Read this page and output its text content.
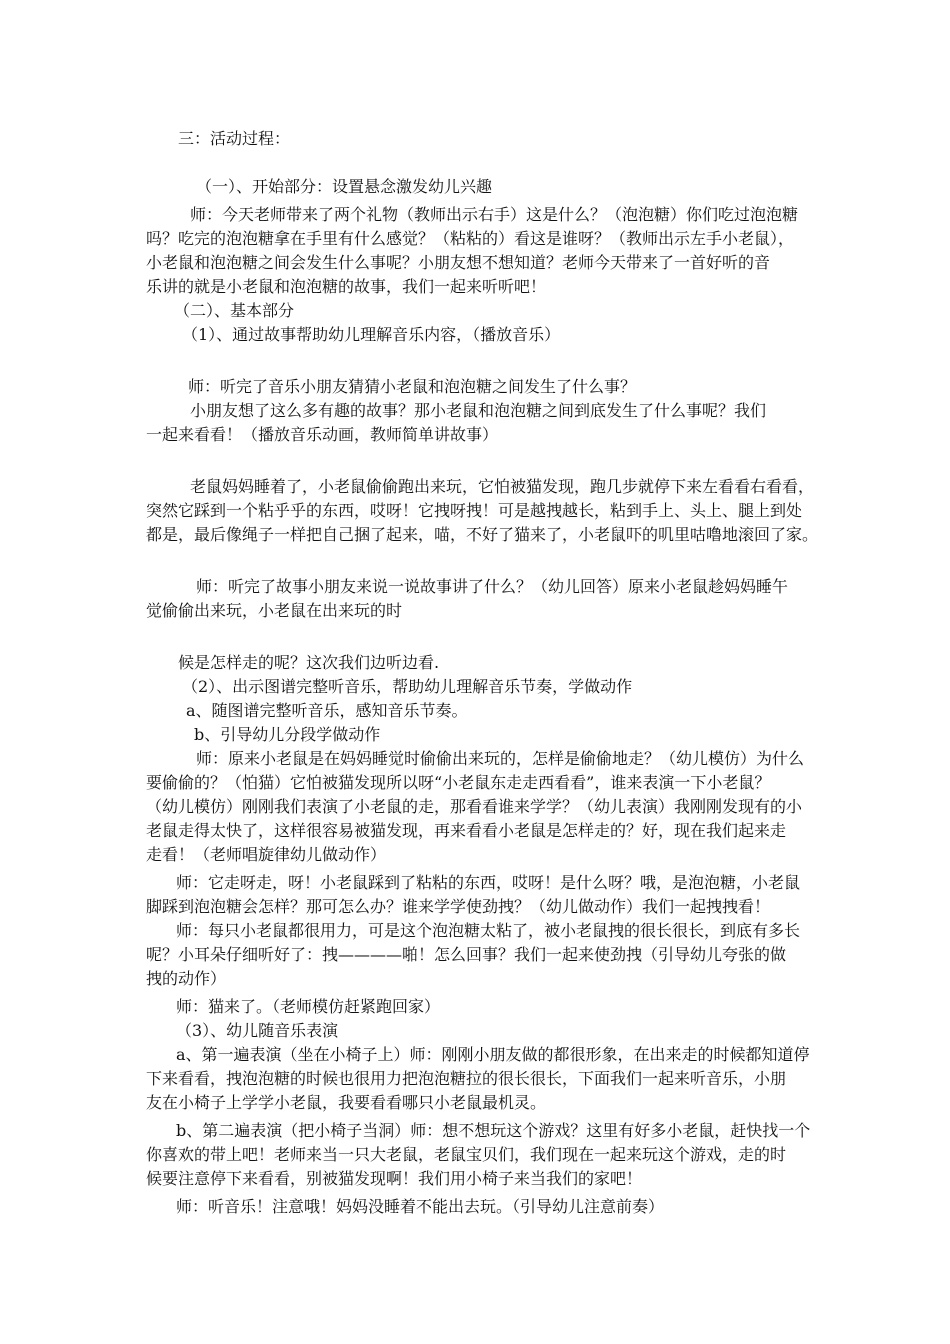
三：活动过程：
（一）、开始部分：设置悬念激发幼儿兴趣
师：今天老师带来了两个礼物（教师出示右手）这是什么？（泡泡糖）你们吃过泡泡糖
吗？吃完的泡泡糖拿在手里有什么感觉？（粘粘的）看这是谁呀？（教师出示左手小老鼠），
小老鼠和泡泡糖之间会发生什么事呢？小朋友想不想知道？老师今天带来了一首好听的音
乐讲的就是小老鼠和泡泡糖的故事，我们一起来听听吧！
（二）、基本部分
（1）、通过故事帮助幼儿理解音乐内容，（播放音乐）
师：听完了音乐小朋友猜猜小老鼠和泡泡糖之间发生了什么事？
小朋友想了这么多有趣的故事？那小老鼠和泡泡糖之间到底发生了什么事呢？我们
一起来看看！（播放音乐动画，教师简单讲故事）
老鼠妈妈睡着了，小老鼠偷偷跑出来玩，它怕被猫发现，跑几步就停下来左看看右看看，
突然它踩到一个粘乎乎的东西，哎呀！它拽呀拽！可是越拽越长，粘到手上、头上、腿上到处
都是，最后像绳子一样把自己捆了起来，喵，不好了猫来了，小老鼠吓的叽里咕噜地滚回了家。
师：听完了故事小朋友来说一说故事讲了什么？（幼儿回答）原来小老鼠趁妈妈睡午
觉偷偷出来玩，小老鼠在出来玩的时
候是怎样走的呢？这次我们边听边看.
（2）、出示图谱完整听音乐，帮助幼儿理解音乐节奏，学做动作
a、随图谱完整听音乐，感知音乐节奏。
b、引导幼儿分段学做动作
师：原来小老鼠是在妈妈睡觉时偷偷出来玩的，怎样是偷偷地走？（幼儿模仿）为什么
要偷偷的？（怕猫）它怕被猫发现所以呀“小老鼠东走走西看看”，谁来表演一下小老鼠？
（幼儿模仿）刚刚我们表演了小老鼠的走，那看看谁来学学？（幼儿表演）我刚刚发现有的小
老鼠走得太快了，这样很容易被猫发现，再来看看小老鼠是怎样走的？好，现在我们起来走
走看！（老师唱旋律幼儿做动作）
师：它走呀走，呀！小老鼠踩到了粘粘的东西，哎呀！是什么呀？哦，是泡泡糖，小老鼠
脚踩到泡泡糖会怎样？那可怎么办？谁来学学使劲拽？（幼儿做动作）我们一起拽拽看！
师：每只小老鼠都很用力，可是这个泡泡糖太粘了，被小老鼠拽的很长很长，到底有多长
呢？小耳朵仔细听好了：拽————啪！怎么回事？我们一起来使劲拽（引导幼儿夸张的做
拽的动作）
师：猫来了。（老师模仿赶紧跑回家）
（3）、幼儿随音乐表演
a、第一遍表演（坐在小椅子上）师：刚刚小朋友做的都很形象，在出来走的时候都知道停
下来看看，拽泡泡糖的时候也很用力把泡泡糖拉的很长很长，下面我们一起来听音乐，小朋
友在小椅子上学学小老鼠，我要看看哪只小老鼠最机灵。
b、第二遍表演（把小椅子当洞）师：想不想玩这个游戏？这里有好多小老鼠，赶快找一个
你喜欢的带上吧！老师来当一只大老鼠，老鼠宝贝们，我们现在一起来玩这个游戏，走的时
候要注意停下来看看，别被猫发现啊！我们用小椅子来当我们的家吧！
师：听音乐！注意哦！妈妈没睡着不能出去玩。（引导幼儿注意前奏）
